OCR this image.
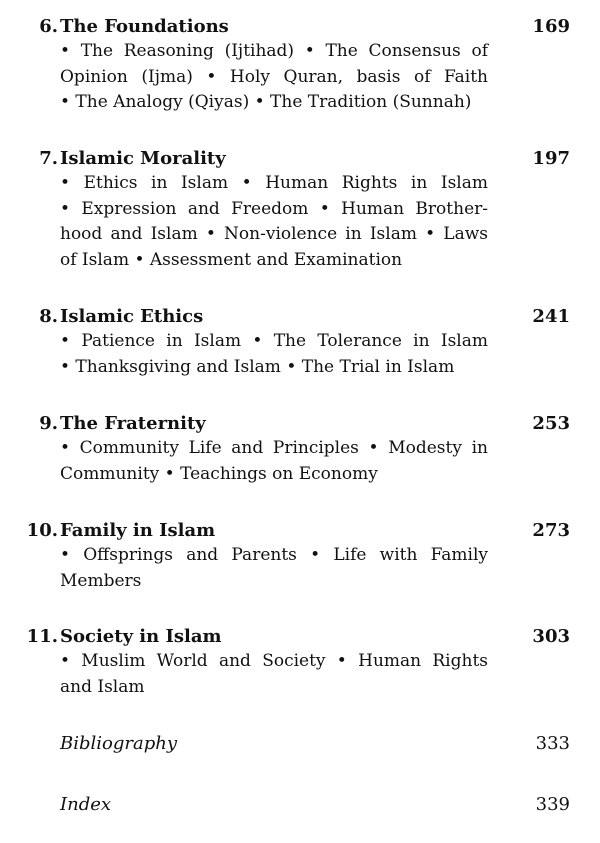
6. The Foundations	169
• The Reasoning (Ijtihad) • The Consensus of
Opinion (Ijma) • Holy Quran, basis of Faith
• The Analogy (Qiyas) • The Tradition (Sunnah)
7. Islamic Morality	197
• Ethics in Islam • Human Rights in Islam
• Expression and Freedom • Human Brother-
hood and Islam • Non-violence in Islam • Laws
of Islam • Assessment and Examination
8. Islamic Ethics	241
• Patience in Islam • The Tolerance in Islam
• Thanksgiving and Islam • The Trial in Islam
9. The Fraternity	253
• Community Life and Principles • Modesty in
Community • Teachings on Economy
10. Family in Islam	273
• Offsprings and Parents • Life with Family
Members
11. Society in Islam	303
• Muslim World and Society • Human Rights
and Islam
Bibliography	333
Index	339
